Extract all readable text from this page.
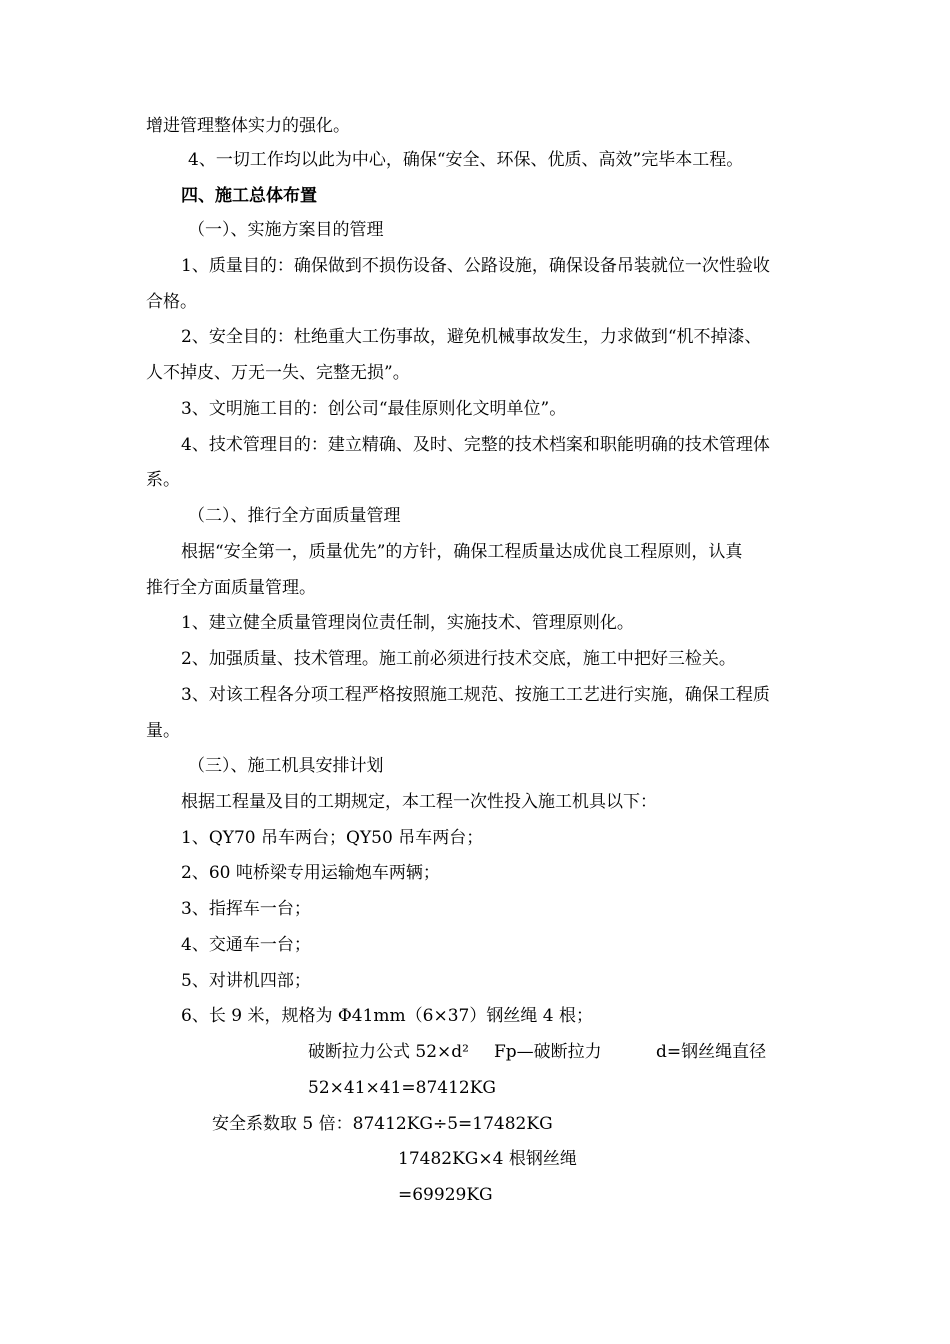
增进管理整体实力的强化。
4、一切工作均以此为中心，确保“安全、环保、优质、高效”完毕本工程。
四、施工总体布置
（一）、实施方案目的管理
1、质量目的：确保做到不损伤设备、公路设施，确保设备吊装就位一次性验收
合格。
2、安全目的：杜绝重大工伤事故，避免机械事故发生，力求做到“机不掉漆、
人不掉皮、万无一失、完整无损”。
3、文明施工目的：创公司“最佳原则化文明单位”。
4、技术管理目的：建立精确、及时、完整的技术档案和职能明确的技术管理体
系。
（二）、推行全方面质量管理
根据“安全第一，质量优先”的方针，确保工程质量达成优良工程原则，认真
推行全方面质量管理。
1、建立健全质量管理岗位责任制，实施技术、管理原则化。
2、加强质量、技术管理。施工前必须进行技术交底，施工中把好三检关。
3、对该工程各分项工程严格按照施工规范、按施工工艺进行实施，确保工程质
量。
（三）、施工机具安排计划
根据工程量及目的工期规定，本工程一次性投入施工机具以下：
1、QY70 吊车两台；QY50 吊车两台；
2、60 吨桥梁专用运输炮车两辆；
3、指挥车一台；
4、交通车一台；
5、对讲机四部；
6、长 9 米，规格为 Φ41mm（6×37）钢丝绳 4 根；
破断拉力公式 52×d² Fp—破断拉力	d=钢丝绳直径
52×41×41=87412KG
安全系数取 5 倍：87412KG÷5=17482KG
17482KG×4 根钢丝绳
=69929KG
